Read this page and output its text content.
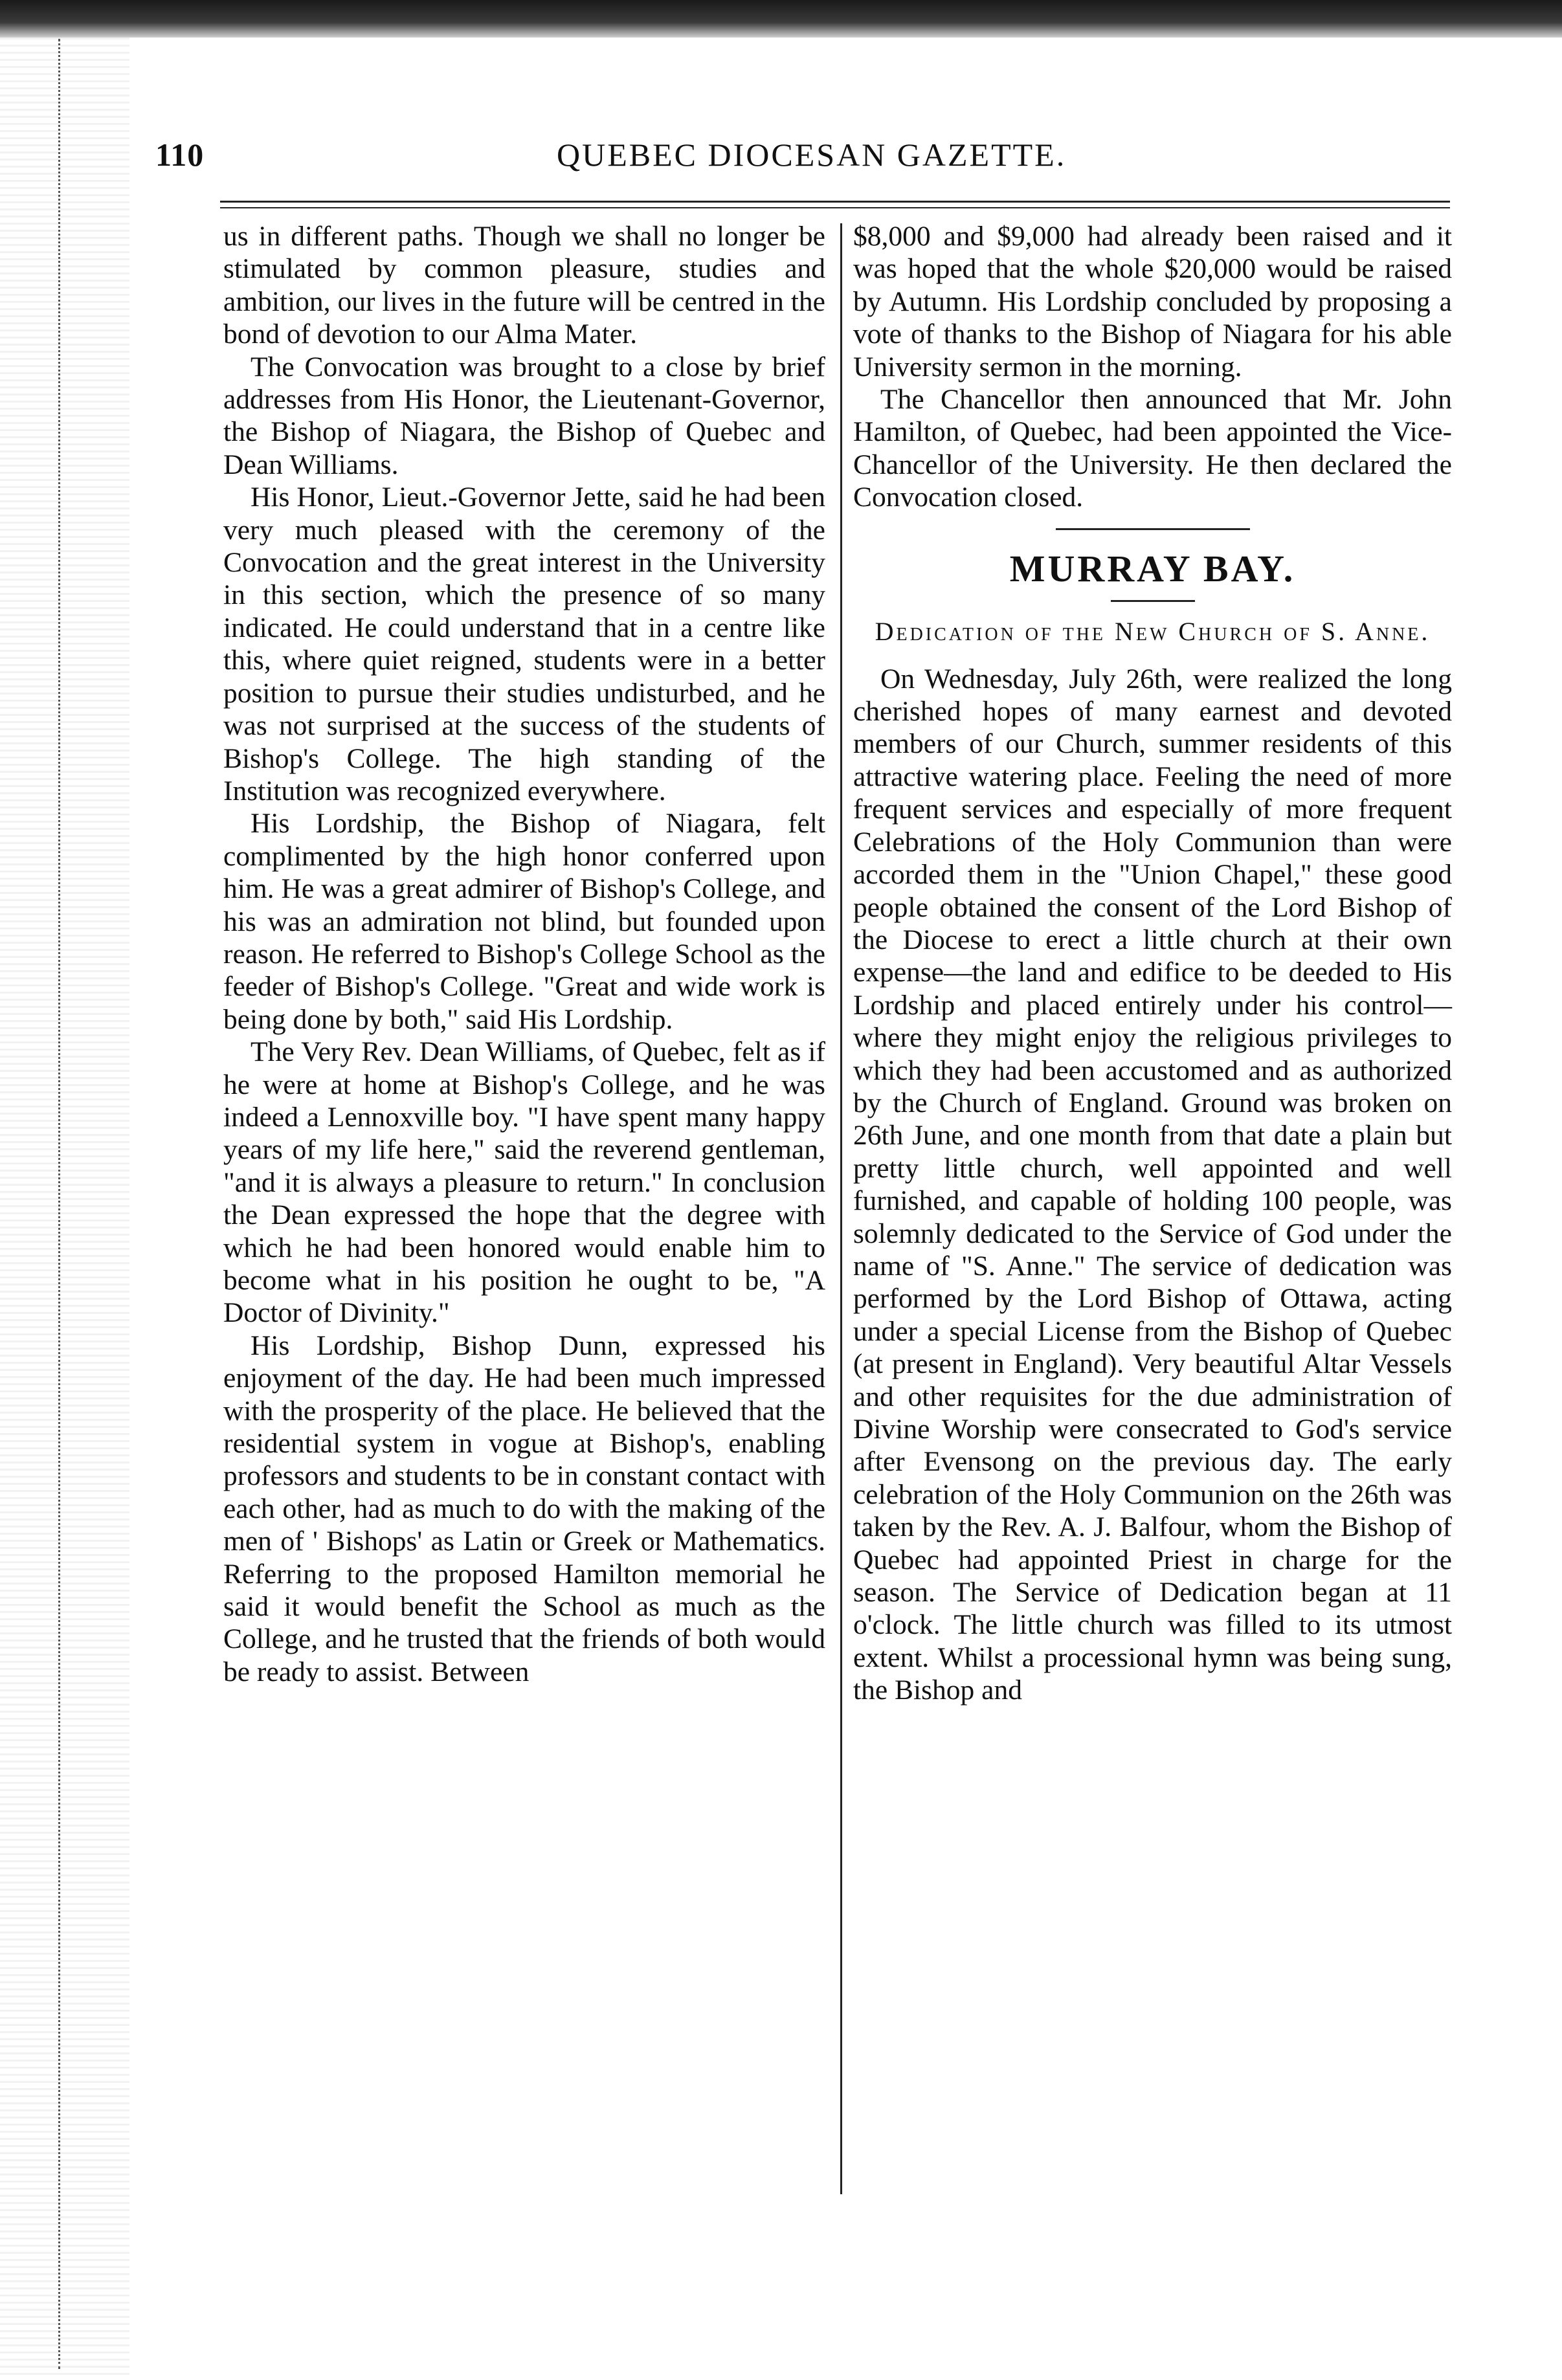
110	QUEBEC DIOCESAN GAZETTE.

us in different paths. Though we shall no longer be stimulated by common pleasure, studies and ambition, our lives in the future will be centred in the bond of devotion to our Alma Mater.

The Convocation was brought to a close by brief addresses from His Honor, the Lieutenant-Governor, the Bishop of Niagara, the Bishop of Quebec and Dean Williams.

His Honor, Lieut.-Governor Jette, said he had been very much pleased with the ceremony of the Convocation and the great interest in the University in this section, which the presence of so many indicated. He could understand that in a centre like this, where quiet reigned, students were in a better position to pursue their studies undisturbed, and he was not surprised at the success of the students of Bishop's College. The high standing of the Institution was recognized everywhere.

His Lordship, the Bishop of Niagara, felt complimented by the high honor conferred upon him. He was a great admirer of Bishop's College, and his was an admiration not blind, but founded upon reason. He referred to Bishop's College School as the feeder of Bishop's College. "Great and wide work is being done by both," said His Lordship.

The Very Rev. Dean Williams, of Quebec, felt as if he were at home at Bishop's College, and he was indeed a Lennoxville boy. "I have spent many happy years of my life here," said the reverend gentleman, "and it is always a pleasure to return." In conclusion the Dean expressed the hope that the degree with which he had been honored would enable him to become what in his position he ought to be, "A Doctor of Divinity."

His Lordship, Bishop Dunn, expressed his enjoyment of the day. He had been much impressed with the prosperity of the place. He believed that the residential system in vogue at Bishop's, enabling professors and students to be in constant contact with each other, had as much to do with the making of the men of ' Bishops' as Latin or Greek or Mathematics. Referring to the proposed Hamilton memorial he said it would benefit the School as much as the College, and he trusted that the friends of both would be ready to assist. Between

$8,000 and $9,000 had already been raised and it was hoped that the whole $20,000 would be raised by Autumn. His Lordship concluded by proposing a vote of thanks to the Bishop of Niagara for his able University sermon in the morning.

The Chancellor then announced that Mr. John Hamilton, of Quebec, had been appointed the Vice-Chancellor of the University. He then declared the Convocation closed.

MURRAY BAY.
Dedication of the New Church of S. Anne.

On Wednesday, July 26th, were realized the long cherished hopes of many earnest and devoted members of our Church, summer residents of this attractive watering place. Feeling the need of more frequent services and especially of more frequent Celebrations of the Holy Communion than were accorded them in the "Union Chapel," these good people obtained the consent of the Lord Bishop of the Diocese to erect a little church at their own expense—the land and edifice to be deeded to His Lordship and placed entirely under his control—where they might enjoy the religious privileges to which they had been accustomed and as authorized by the Church of England. Ground was broken on 26th June, and one month from that date a plain but pretty little church, well appointed and well furnished, and capable of holding 100 people, was solemnly dedicated to the Service of God under the name of "S. Anne." The service of dedication was performed by the Lord Bishop of Ottawa, acting under a special License from the Bishop of Quebec (at present in England). Very beautiful Altar Vessels and other requisites for the due administration of Divine Worship were consecrated to God's service after Evensong on the previous day. The early celebration of the Holy Communion on the 26th was taken by the Rev. A. J. Balfour, whom the Bishop of Quebec had appointed Priest in charge for the season. The Service of Dedication began at 11 o'clock. The little church was filled to its utmost extent. Whilst a processional hymn was being sung, the Bishop and
